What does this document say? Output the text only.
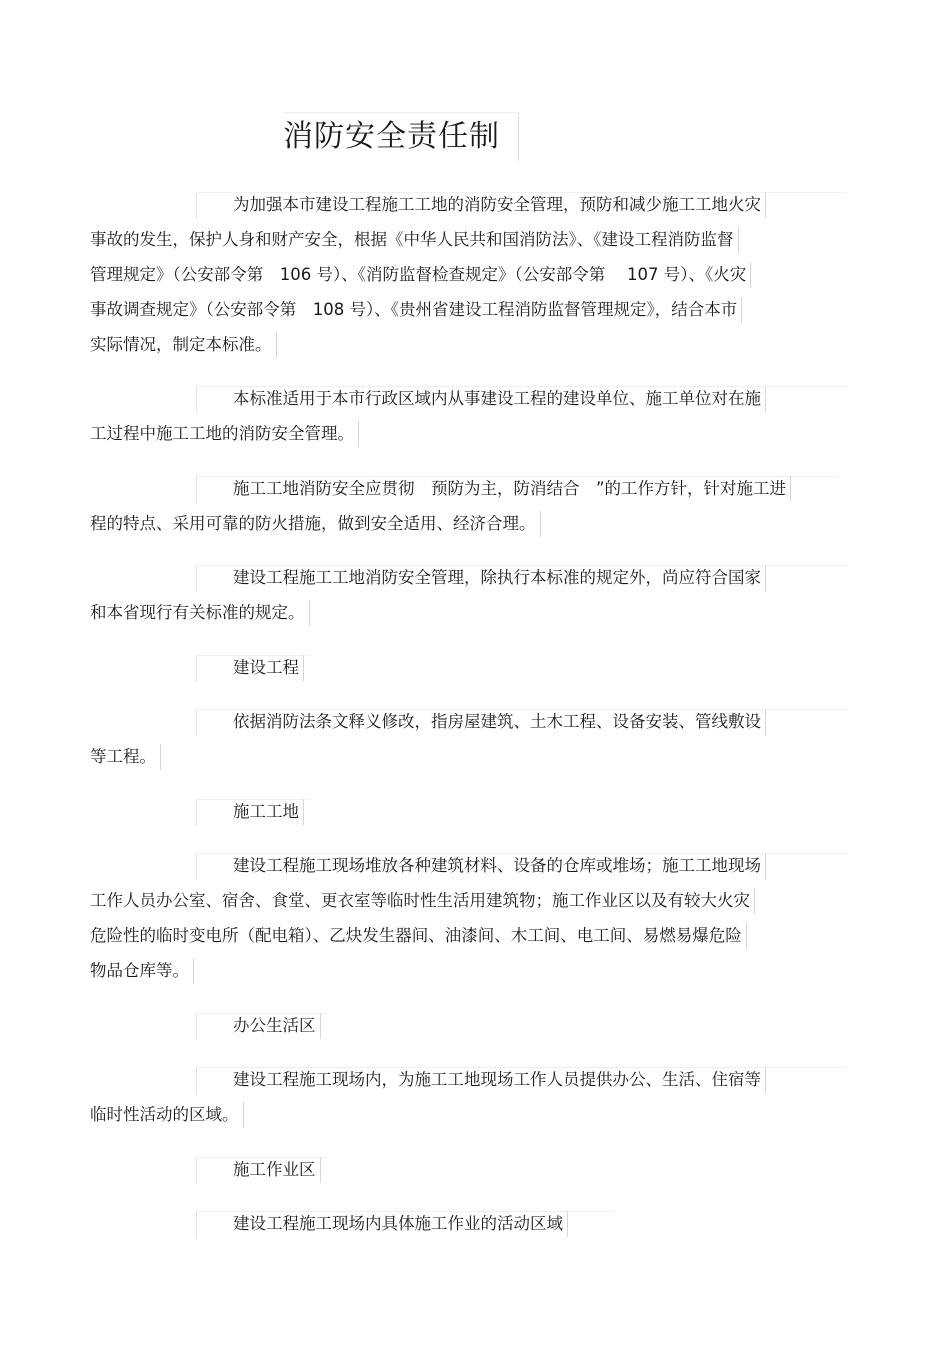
消防安全责任制
为加强本市建设工程施工工地的消防安全管理，预防和减少施工工地火灾
事故的发生，保护人身和财产安全，根据《中华人民共和国消防法》、《建设工程消防监督
管理规定》（公安部令第　106 号）、《消防监督检查规定》（公安部令第　 107 号）、《火灾
事故调查规定》（公安部令第　108 号）、《贵州省建设工程消防监督管理规定》，结合本市
实际情况，制定本标准。
本标准适用于本市行政区域内从事建设工程的建设单位、施工单位对在施
工过程中施工工地的消防安全管理。
施工工地消防安全应贯彻　预防为主，防消结合　”的工作方针，针对施工进
程的特点、采用可靠的防火措施，做到安全适用、经济合理。
建设工程施工工地消防安全管理，除执行本标准的规定外，尚应符合国家
和本省现行有关标准的规定。
建设工程
依据消防法条文释义修改，指房屋建筑、土木工程、设备安装、管线敷设
等工程。
施工工地
建设工程施工现场堆放各种建筑材料、设备的仓库或堆场；施工工地现场
工作人员办公室、宿舍、食堂、更衣室等临时性生活用建筑物；施工作业区以及有较大火灾
危险性的临时变电所（配电箱）、乙炔发生器间、油漆间、木工间、电工间、易燃易爆危险
物品仓库等。
办公生活区
建设工程施工现场内，为施工工地现场工作人员提供办公、生活、住宿等
临时性活动的区域。
施工作业区
建设工程施工现场内具体施工作业的活动区域
